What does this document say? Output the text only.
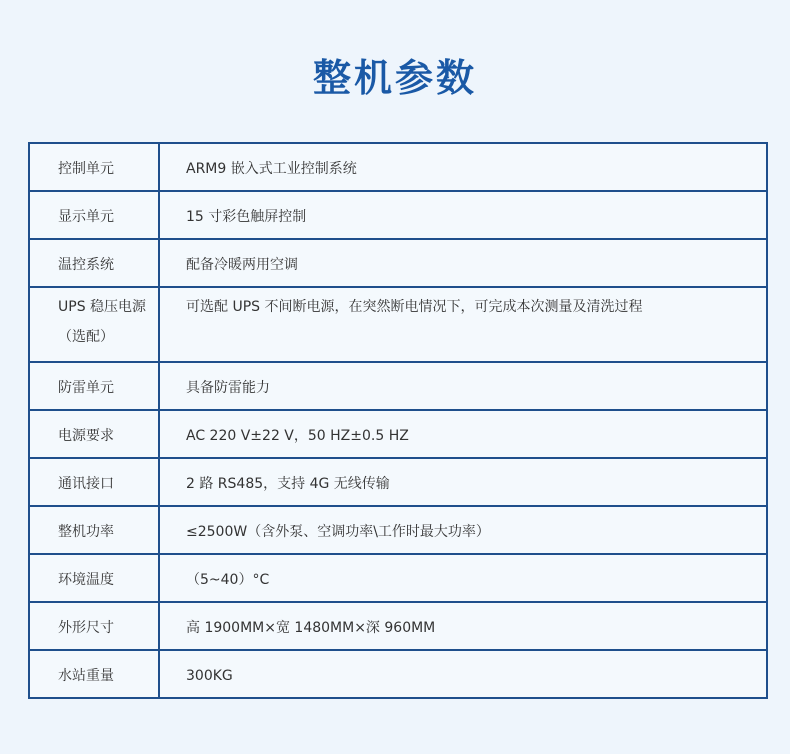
整机参数
控制单元	ARM9 嵌入式工业控制系统
显示单元	15 寸彩色触屏控制
温控系统	配备冷暖两用空调
UPS 稳压电源（选配）	可选配 UPS 不间断电源，在突然断电情况下，可完成本次测量及清洗过程
防雷单元	具备防雷能力
电源要求	AC 220 V±22 V，50 HZ±0.5 HZ
通讯接口	2 路 RS485，支持 4G 无线传输
整机功率	≤2500W（含外泵、空调功率\工作时最大功率）
环境温度	（5~40）°C
外形尺寸	高 1900MM×宽 1480MM×深 960MM
水站重量	300KG
